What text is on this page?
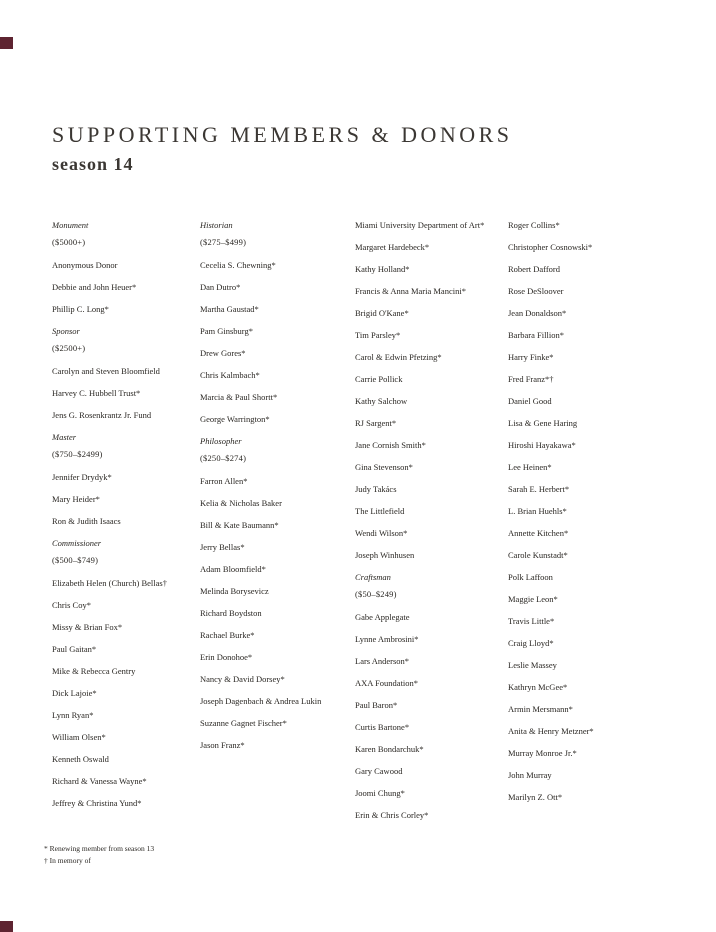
SUPPORTING MEMBERS & DONORS
season 14

Monument

($5000+)

Anonymous Donor

Debbie and John Heuer*

Phillip C. Long*

Sponsor

($2500+)

Carolyn and Steven Bloomfield

Harvey C. Hubbell Trust*

Jens G. Rosenkrantz Jr. Fund

Master

($750–$2499)

Jennifer Drydyk*

Mary Heider*

Ron & Judith Isaacs

Commissioner

($500–$749)

Elizabeth Helen (Church) Bellas†

Chris Coy*

Missy & Brian Fox*

Paul Gaitan*

Mike & Rebecca Gentry

Dick Lajoie*

Lynn Ryan*

William Olsen*

Kenneth Oswald

Richard & Vanessa Wayne*

Jeffrey & Christina Yund*

Historian

($275–$499)

Cecelia S. Chewning*

Dan Dutro*

Martha Gaustad*

Pam Ginsburg*

Drew Gores*

Chris Kalmbach*

Marcia & Paul Shortt*

George Warrington*

Philosopher

($250–$274)

Farron Allen*

Kelia & Nicholas Baker

Bill & Kate Baumann*

Jerry Bellas*

Adam Bloomfield*

Melinda Borysevicz

Richard Boydston

Rachael Burke*

Erin Donohoe*

Nancy & David Dorsey*

Joseph Dagenbach & Andrea Lukin

Suzanne Gagnet Fischer*

Jason Franz*

Miami University Department of Art*

Margaret Hardebeck*

Kathy Holland*

Francis & Anna Maria Mancini*

Brigid O'Kane*

Tim Parsley*

Carol & Edwin Pfetzing*

Carrie Pollick

Kathy Salchow

RJ Sargent*

Jane Cornish Smith*

Gina Stevenson*

Judy Takács

The Littlefield

Wendi Wilson*

Joseph Winhusen

Craftsman

($50–$249)

Gabe Applegate

Lynne Ambrosini*

Lars Anderson*

AXA Foundation*

Paul Baron*

Curtis Bartone*

Karen Bondarchuk*

Gary Cawood

Joomi Chung*

Erin & Chris Corley*

Roger Collins*

Christopher Cosnowski*

Robert Dafford

Rose DeSloover

Jean Donaldson*

Barbara Fillion*

Harry Finke*

Fred Franz*†

Daniel Good

Lisa & Gene Haring

Hiroshi Hayakawa*

Lee Heinen*

Sarah E. Herbert*

L. Brian Huehls*

Annette Kitchen*

Carole Kunstadt*

Polk Laffoon

Maggie Leon*

Travis Little*

Craig Lloyd*

Leslie Massey

Kathryn McGee*

Armin Mersmann*

Anita & Henry Metzner*

Murray Monroe Jr.*

John Murray

Marilyn Z. Ott*

* Renewing member from season 13

† In memory of
